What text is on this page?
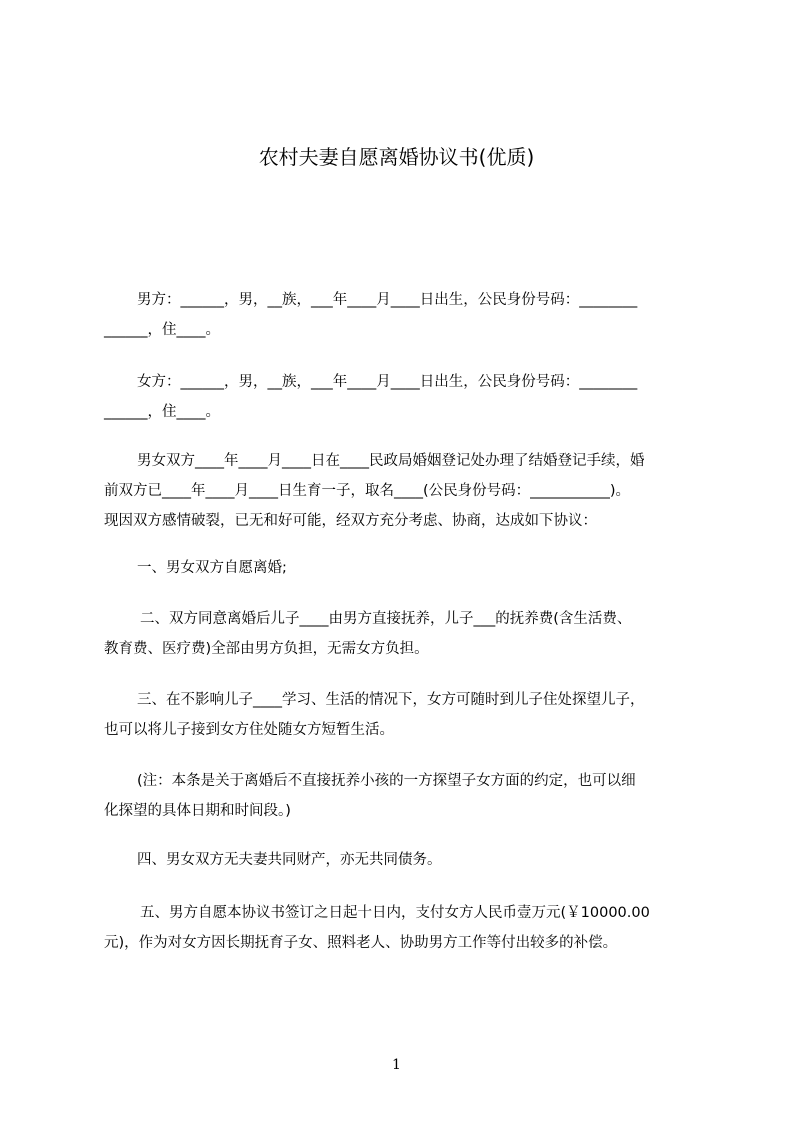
农村夫妻自愿离婚协议书(优质)
男方：______，男，__族，___年____月____日出生，公民身份号码：________
______，住____。
女方：______，男，__族，___年____月____日出生，公民身份号码：________
______，住____。
男女双方____年____月____日在____民政局婚姻登记处办理了结婚登记手续，婚
前双方已____年____月____日生育一子，取名____(公民身份号码：___________)。
现因双方感情破裂，已无和好可能，经双方充分考虑、协商，达成如下协议：
一、男女双方自愿离婚;
二、双方同意离婚后儿子____由男方直接抚养，儿子___的抚养费(含生活费、
教育费、医疗费)全部由男方负担，无需女方负担。
三、在不影响儿子____学习、生活的情况下，女方可随时到儿子住处探望儿子，
也可以将儿子接到女方住处随女方短暂生活。
(注：本条是关于离婚后不直接抚养小孩的一方探望子女方面的约定，也可以细
化探望的具体日期和时间段。)
四、男女双方无夫妻共同财产，亦无共同债务。
五、男方自愿本协议书签订之日起十日内，支付女方人民币壹万元(￥10000.00
元)，作为对女方因长期抚育子女、照料老人、协助男方工作等付出较多的补偿。
1
